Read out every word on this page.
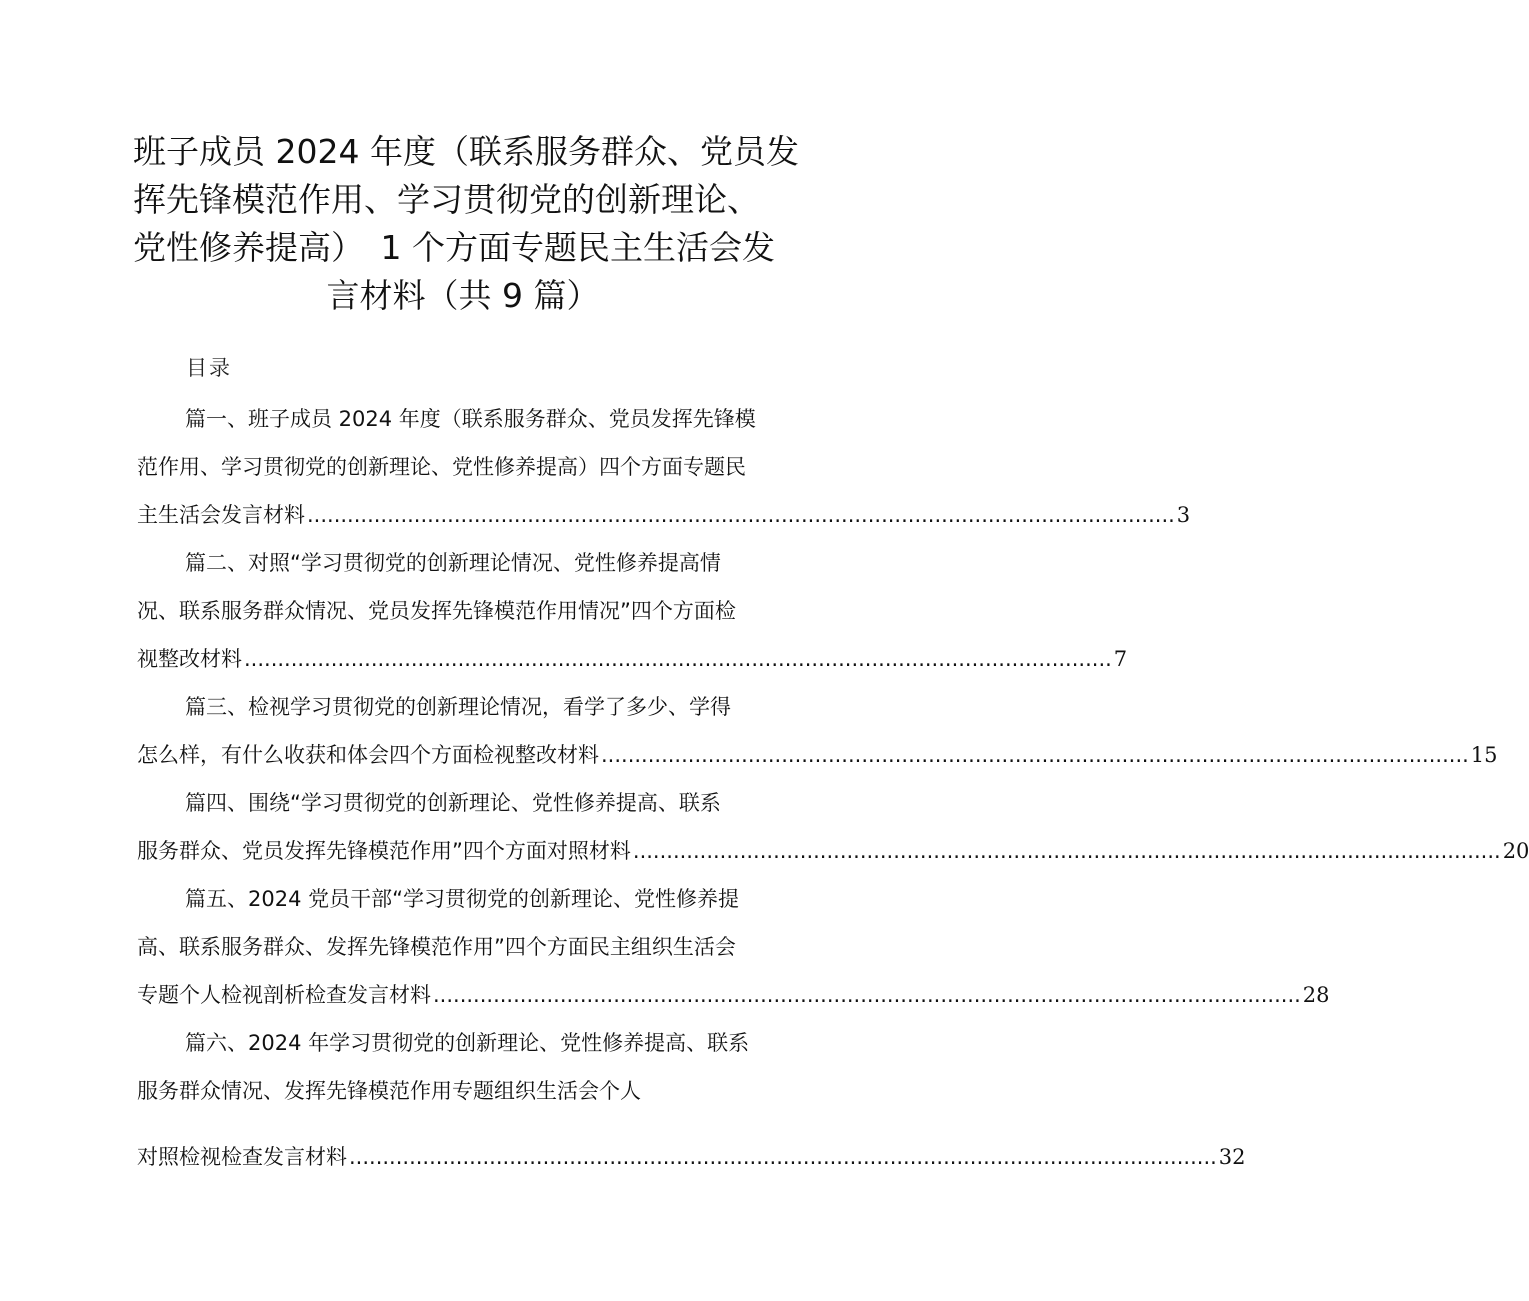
班子成员 2024 年度（联系服务群众、党员发
挥先锋模范作用、学习贯彻党的创新理论、
党性修养提高）　1 个方面专题民主生活会发
言材料（共 9 篇）
目录
篇一、班子成员 2024 年度（联系服务群众、党员发挥先锋模
范作用、学习贯彻党的创新理论、党性修养提高）四个方面专题民
主生活会发言材料 .................................................................................................................................. 3
篇二、对照“学习贯彻党的创新理论情况、党性修养提高情
况、联系服务群众情况、党员发挥先锋模范作用情况”四个方面检
视整改材料 .................................................................................................................................. 7
篇三、检视学习贯彻党的创新理论情况，看学了多少、学得
怎么样，有什么收获和体会四个方面检视整改材料 .................................................................................................................................. 15
篇四、围绕“学习贯彻党的创新理论、党性修养提高、联系
服务群众、党员发挥先锋模范作用”四个方面对照材料 .................................................................................................................................. 20
篇五、2024 党员干部“学习贯彻党的创新理论、党性修养提
高、联系服务群众、发挥先锋模范作用”四个方面民主组织生活会
专题个人检视剖析检查发言材料 .................................................................................................................................. 28
篇六、2024 年学习贯彻党的创新理论、党性修养提高、联系
服务群众情况、发挥先锋模范作用专题组织生活会个人
对照检视检查发言材料 .................................................................................................................................. 32
